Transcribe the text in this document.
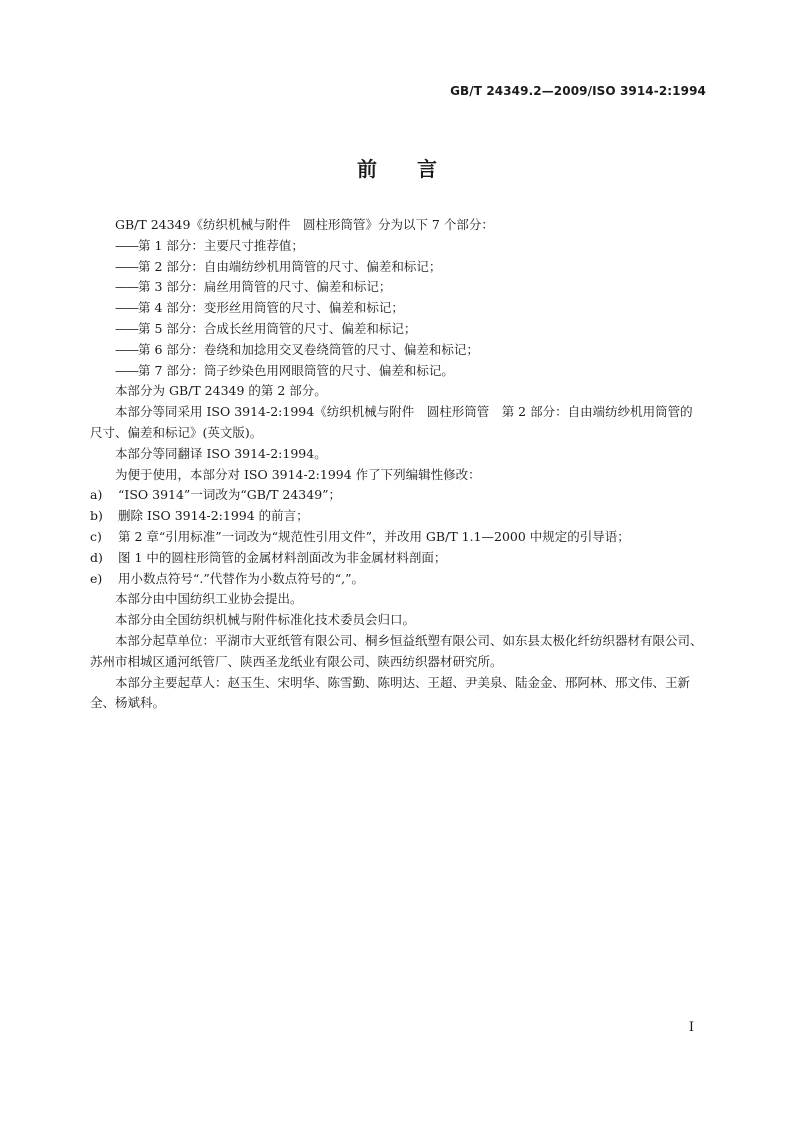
GB/T 24349.2—2009/ISO 3914-2:1994
前言

GB/T 24349《纺织机械与附件　圆柱形筒管》分为以下 7 个部分：

——第 1 部分：主要尺寸推荐值；

——第 2 部分：自由端纺纱机用筒管的尺寸、偏差和标记；

——第 3 部分：扁丝用筒管的尺寸、偏差和标记；

——第 4 部分：变形丝用筒管的尺寸、偏差和标记；

——第 5 部分：合成长丝用筒管的尺寸、偏差和标记；

——第 6 部分：卷绕和加捻用交叉卷绕筒管的尺寸、偏差和标记；

——第 7 部分：筒子纱染色用网眼筒管的尺寸、偏差和标记。

本部分为 GB/T 24349 的第 2 部分。

本部分等同采用 ISO 3914-2:1994《纺织机械与附件　圆柱形筒管　第 2 部分：自由端纺纱机用筒管的尺寸、偏差和标记》(英文版)。

本部分等同翻译 ISO 3914-2:1994。

为便于使用，本部分对 ISO 3914-2:1994 作了下列编辑性修改：

a) “ISO 3914”一词改为“GB/T 24349”；

b) 删除 ISO 3914-2:1994 的前言；

c) 第 2 章“引用标准”一词改为“规范性引用文件”，并改用 GB/T 1.1—2000 中规定的引导语；

d) 图 1 中的圆柱形筒管的金属材料剖面改为非金属材料剖面；

e) 用小数点符号“.”代替作为小数点符号的“,”。

本部分由中国纺织工业协会提出。

本部分由全国纺织机械与附件标准化技术委员会归口。

本部分起草单位：平湖市大亚纸管有限公司、桐乡恒益纸塑有限公司、如东县太极化纤纺织器材有限公司、苏州市相城区通河纸管厂、陕西圣龙纸业有限公司、陕西纺织器材研究所。

本部分主要起草人：赵玉生、宋明华、陈雪勤、陈明达、王超、尹美泉、陆金金、邢阿林、邢文伟、王新全、杨斌科。

I
